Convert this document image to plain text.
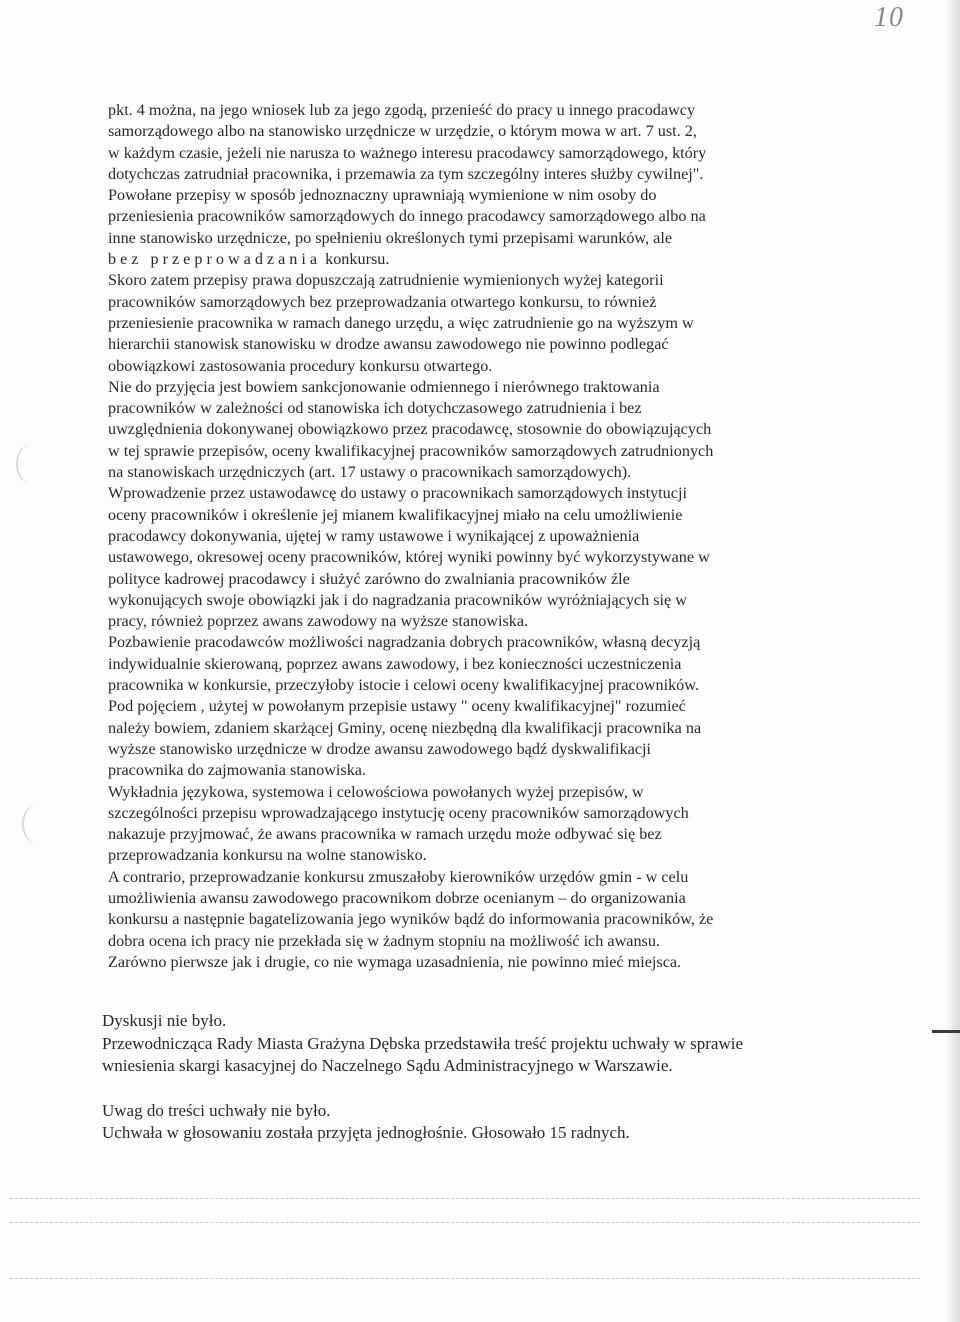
10
pkt. 4 można, na jego wniosek lub za jego zgodą, przenieść do pracy u innego pracodawcy
samorządowego albo na stanowisko urzędnicze w urzędzie, o którym mowa w art. 7 ust. 2,
w każdym czasie, jeżeli nie narusza to ważnego interesu pracodawcy samorządowego, który
dotychczas zatrudniał pracownika, i przemawia za tym szczególny interes służby cywilnej".
Powołane przepisy w sposób jednoznaczny uprawniają wymienione w nim osoby do
przeniesienia pracowników samorządowych do innego pracodawcy samorządowego albo na
inne stanowisko urzędnicze, po spełnieniu określonych tymi przepisami warunków, ale
bez przeprowadzania konkursu.
Skoro zatem przepisy prawa dopuszczają zatrudnienie wymienionych wyżej kategorii
pracowników samorządowych bez przeprowadzania otwartego konkursu, to również
przeniesienie pracownika w ramach danego urzędu, a więc zatrudnienie go na wyższym w
hierarchii stanowisk stanowisku w drodze awansu zawodowego nie powinno podlegać
obowiązkowi zastosowania procedury konkursu otwartego.
Nie do przyjęcia jest bowiem sankcjonowanie odmiennego i nierównego traktowania
pracowników w zależności od stanowiska ich dotychczasowego zatrudnienia i bez
uwzględnienia dokonywanej obowiązkowo przez pracodawcę, stosownie do obowiązujących
w tej sprawie przepisów, oceny kwalifikacyjnej pracowników samorządowych zatrudnionych
na stanowiskach urzędniczych (art. 17 ustawy o pracownikach samorządowych).
Wprowadzenie przez ustawodawcę do ustawy o pracownikach samorządowych instytucji
oceny pracowników i określenie jej mianem kwalifikacyjnej miało na celu umożliwienie
pracodawcy dokonywania, ujętej w ramy ustawowe i wynikającej z upoważnienia
ustawowego, okresowej oceny pracowników, której wyniki powinny być wykorzystywane w
polityce kadrowej pracodawcy i służyć zarówno do zwalniania pracowników źle
wykonujących swoje obowiązki jak i do nagradzania pracowników wyróżniających się w
pracy, również poprzez awans zawodowy na wyższe stanowiska.
Pozbawienie pracodawców możliwości nagradzania dobrych pracowników, własną decyzją
indywidualnie skierowaną, poprzez awans zawodowy, i bez konieczności uczestniczenia
pracownika w konkursie, przeczyłoby istocie i celowi oceny kwalifikacyjnej pracowników.
Pod pojęciem , użytej w powołanym przepisie ustawy " oceny kwalifikacyjnej" rozumieć
należy bowiem, zdaniem skarżącej Gminy, ocenę niezbędną dla kwalifikacji pracownika na
wyższe stanowisko urzędnicze w drodze awansu zawodowego bądź dyskwalifikacji
pracownika do zajmowania stanowiska.
Wykładnia językowa, systemowa i celowościowa powołanych wyżej przepisów, w
szczególności przepisu wprowadzającego instytucję oceny pracowników samorządowych
nakazuje przyjmować, że awans pracownika w ramach urzędu może odbywać się bez
przeprowadzania konkursu na wolne stanowisko.
A contrario, przeprowadzanie konkursu zmuszałoby kierowników urzędów gmin - w celu
umożliwienia awansu zawodowego pracownikom dobrze ocenianym – do organizowania
konkursu a następnie bagatelizowania jego wyników bądź do informowania pracowników, że
dobra ocena ich pracy nie przekłada się w żadnym stopniu na możliwość ich awansu.
Zarówno pierwsze jak i drugie, co nie wymaga uzasadnienia, nie powinno mieć miejsca.
Dyskusji nie było.
Przewodnicząca Rady Miasta Grażyna Dębska przedstawiła treść projektu uchwały w sprawie
wniesienia skargi kasacyjnej do Naczelnego Sądu Administracyjnego w Warszawie.
Uwag do treści uchwały nie było.
Uchwała w głosowaniu została przyjęta jednogłośnie. Głosowało 15 radnych.
